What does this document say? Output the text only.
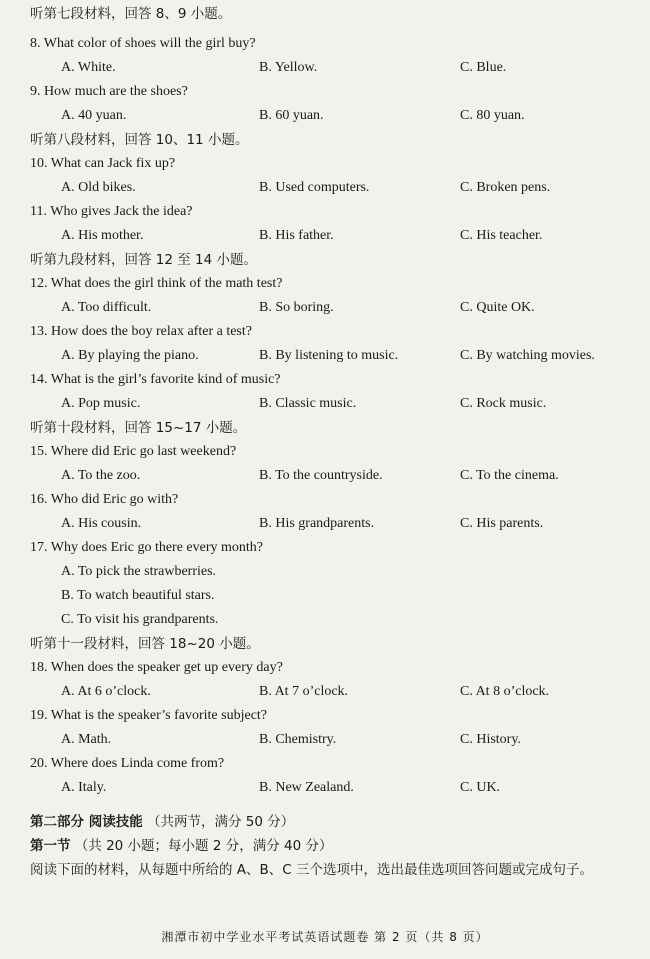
听第七段材料，回答 8、9 小题。
8. What color of shoes will the girl buy?
A. White.	B. Yellow.	C. Blue.
9. How much are the shoes?
A. 40 yuan.	B. 60 yuan.	C. 80 yuan.
听第八段材料，回答 10、11 小题。
10. What can Jack fix up?
A. Old bikes.	B. Used computers.	C. Broken pens.
11. Who gives Jack the idea?
A. His mother.	B. His father.	C. His teacher.
听第九段材料，回答 12 至 14 小题。
12. What does the girl think of the math test?
A. Too difficult.	B. So boring.	C. Quite OK.
13. How does the boy relax after a test?
A. By playing the piano.	B. By listening to music.	C. By watching movies.
14. What is the girl’s favorite kind of music?
A. Pop music.	B. Classic music.	C. Rock music.
听第十段材料，回答 15~17 小题。
15. Where did Eric go last weekend?
A. To the zoo.	B. To the countryside.	C. To the cinema.
16. Who did Eric go with?
A. His cousin.	B. His grandparents.	C. His parents.
17. Why does Eric go there every month?
A. To pick the strawberries.
B. To watch beautiful stars.
C. To visit his grandparents.
听第十一段材料，回答 18~20 小题。
18. When does the speaker get up every day?
A. At 6 o’clock.	B. At 7 o’clock.	C. At 8 o’clock.
19. What is the speaker’s favorite subject?
A. Math.	B. Chemistry.	C. History.
20. Where does Linda come from?
A. Italy.	B. New Zealand.	C. UK.
第二部分 阅读技能 （共两节，满分 50 分）
第一节 （共 20 小题；每小题 2 分，满分 40 分）
阅读下面的材料，从每题中所给的 A、B、C 三个选项中，选出最佳选项回答问题或完成句子。
湘潭市初中学业水平考试英语试题卷 第 2 页（共 8 页）
